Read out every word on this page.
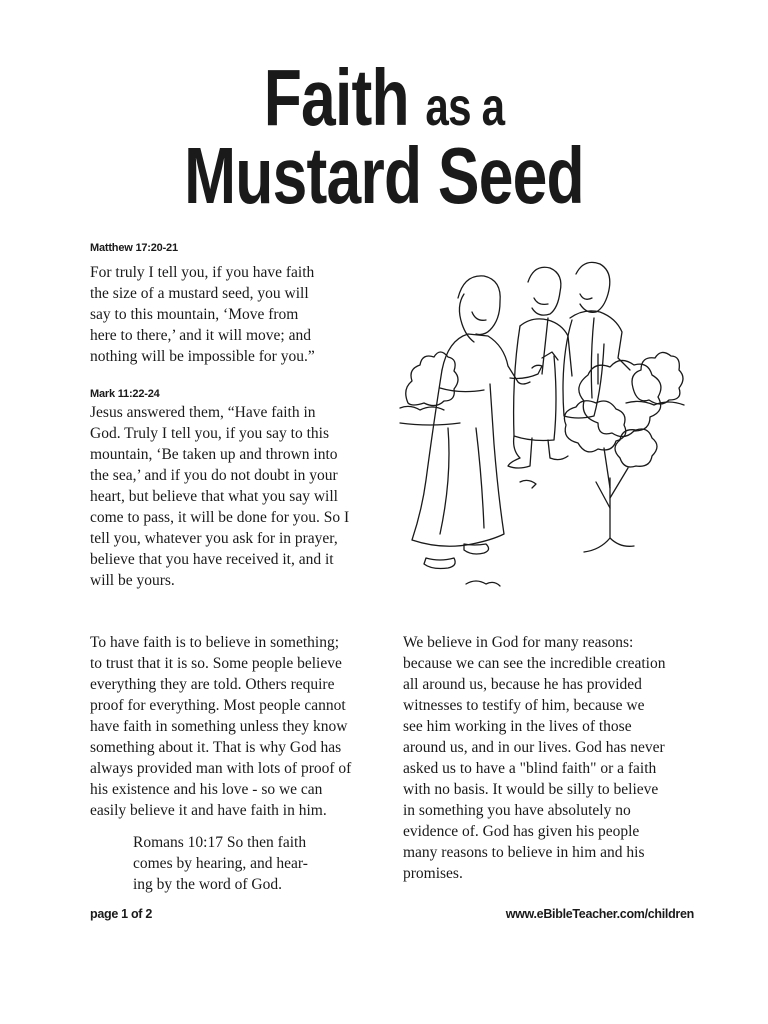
Faith as a
Mustard Seed
Matthew 17:20-21

For truly I tell you, if you have faith
the size of a mustard seed, you will
say to this mountain, ‘Move from
here to there,’ and it will move; and
nothing will be impossible for you.”

Mark 11:22-24

Jesus answered them, “Have faith in
God. Truly I tell you, if you say to this
mountain, ‘Be taken up and thrown into
the sea,’ and if you do not doubt in your
heart, but believe that what you say will
come to pass, it will be done for you. So I
tell you, whatever you ask for in prayer,
believe that you have received it, and it
will be yours.

To have faith is to believe in something;
to trust that it is so. Some people believe
everything they are told. Others require
proof for everything. Most people cannot
have faith in something unless they know
something about it. That is why God has
always provided man with lots of proof of
his existence and his love - so we can
easily believe it and have faith in him.

Romans 10:17 So then faith
comes by hearing, and hear-
ing by the word of God.

We believe in God for many reasons:
because we can see the incredible creation
all around us, because he has provided
witnesses to testify of him, because we
see him working in the lives of those
around us, and in our lives. God has never
asked us to have a "blind faith" or a faith
with no basis. It would be silly to believe
in something you have absolutely no
evidence of. God has given his people
many reasons to believe in him and his
promises.

page 1 of 2	www.eBibleTeacher.com/children
